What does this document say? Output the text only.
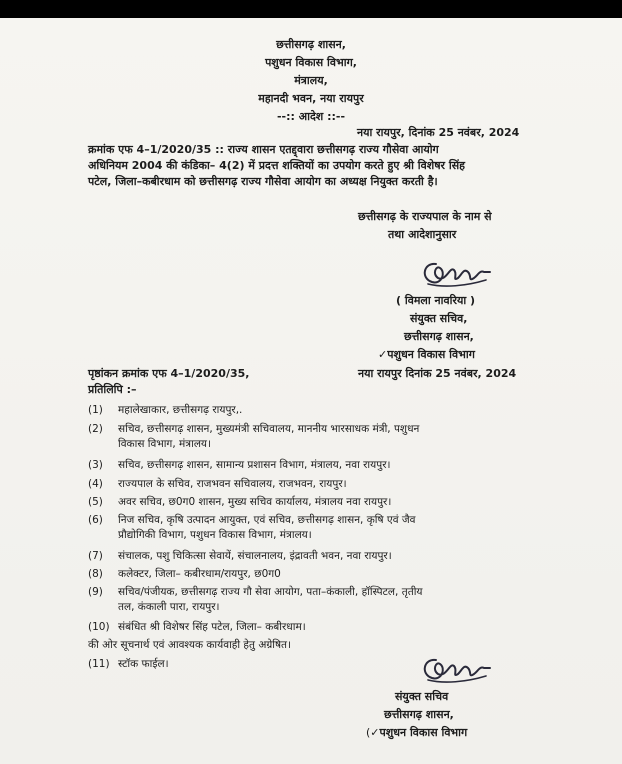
छत्तीसगढ़ शासन,
पशुधन विकास विभाग,
मंत्रालय,
महानदी भवन, नया रायपुर
--:: आदेश ::--
नया रायपुर, दिनांक 25 नवंबर, 2024
क्रमांक एफ 4–1/2020/35 :: राज्य शासन एतद्द्वारा छत्तीसगढ़ राज्य गौसेवा आयोग
अधिनियम 2004 की कंडिका– 4(2) में प्रदत्त शक्तियों का उपयोग करते हुए श्री विशेषर सिंह
पटेल, जिला–कबीरधाम को छत्तीसगढ़ राज्य गौसेवा आयोग का अध्यक्ष नियुक्त करती है।
छत्तीसगढ़ के राज्यपाल के नाम से
तथा आदेशानुसार
( विमला नावरिया )
संयुक्त सचिव,
छत्तीसगढ़ शासन,
✓पशुधन विकास विभाग
पृष्ठांकन क्रमांक एफ 4–1/2020/35,	नया रायपुर दिनांक 25 नवंबर, 2024
प्रतिलिपि :–
(1) महालेखाकार, छत्तीसगढ़ रायपुर,.
(2) सचिव, छत्तीसगढ़ शासन, मुख्यमंत्री सचिवालय, माननीय भारसाधक मंत्री, पशुधन
विकास विभाग, मंत्रालय।
(3) सचिव, छत्तीसगढ़ शासन, सामान्य प्रशासन विभाग, मंत्रालय, नवा रायपुर।
(4) राज्यपाल के सचिव, राजभवन सचिवालय, राजभवन, रायपुर।
(5) अवर सचिव, छ0ग0 शासन, मुख्य सचिव कार्यालय, मंत्रालय नवा रायपुर।
(6) निज सचिव, कृषि उत्पादन आयुक्त, एवं सचिव, छत्तीसगढ़ शासन, कृषि एवं जैव
प्रौद्योगिकी विभाग, पशुधन विकास विभाग, मंत्रालय।
(7) संचालक, पशु चिकित्सा सेवायें, संचालनालय, इंद्रावती भवन, नवा रायपुर।
(8) कलेक्टर, जिला– कबीरधाम/रायपुर, छ0ग0
(9) सचिव/पंजीयक, छत्तीसगढ़ राज्य गौ सेवा आयोग, पता–कंकाली, हॉस्पिटल, तृतीय
तल, कंकाली पारा, रायपुर।
(10) संबंधित श्री विशेषर सिंह पटेल, जिला– कबीरधाम।
की ओर सूचनार्थ एवं आवश्यक कार्यवाही हेतु अग्रेषित।
(11) स्टॉक फाईल।
संयुक्त सचिव
छत्तीसगढ़ शासन,
(✓पशुधन विकास विभाग
